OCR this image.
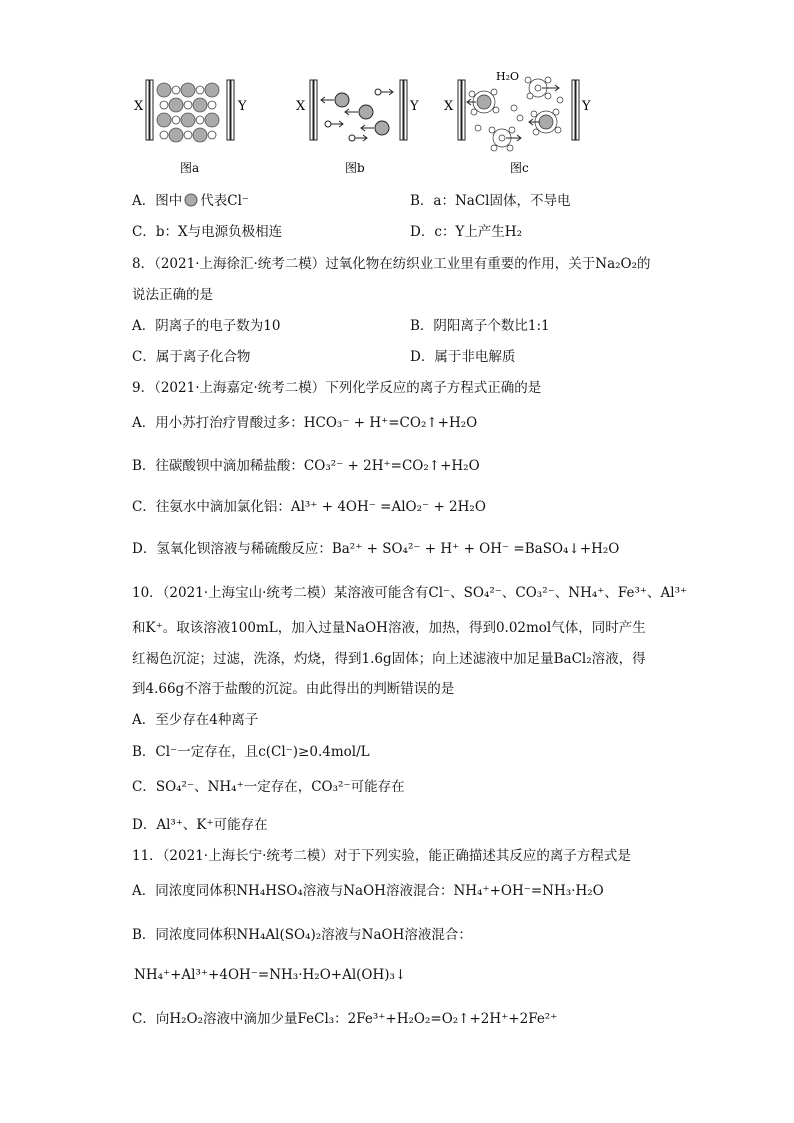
X	Y
图a
X	Y
图b
X	Y
H₂O
图c
A．图中 代表Cl⁻	B．a：NaCl固体，不导电
C．b：X与电源负极相连	D．c：Y上产生H₂
8．（2021·上海徐汇·统考二模）过氧化物在纺织业工业里有重要的作用，关于Na₂O₂的
说法正确的是
A．阴离子的电子数为10	B．阴阳离子个数比1:1
C．属于离子化合物	D．属于非电解质
9．（2021·上海嘉定·统考二模）下列化学反应的离子方程式正确的是
A．用小苏打治疗胃酸过多：HCO₃⁻ + H⁺=CO₂↑+H₂O
B．往碳酸钡中滴加稀盐酸：CO₃²⁻ + 2H⁺=CO₂↑+H₂O
C．往氨水中滴加氯化铝：Al³⁺ + 4OH⁻ =AlO₂⁻ + 2H₂O
D．氢氧化钡溶液与稀硫酸反应：Ba²⁺ + SO₄²⁻ + H⁺ + OH⁻ =BaSO₄↓+H₂O
10．（2021·上海宝山·统考二模）某溶液可能含有Cl⁻、SO₄²⁻、CO₃²⁻、NH₄⁺、Fe³⁺、Al³⁺
和K⁺。取该溶液100mL，加入过量NaOH溶液，加热，得到0.02mol气体，同时产生
红褐色沉淀；过滤，洗涤，灼烧，得到1.6g固体；向上述滤液中加足量BaCl₂溶液，得
到4.66g不溶于盐酸的沉淀。由此得出的判断错误的是
A．至少存在4种离子
B．Cl⁻一定存在，且c(Cl⁻)≥0.4mol/L
C．SO₄²⁻、NH₄⁺一定存在，CO₃²⁻可能存在
D．Al³⁺、K⁺可能存在
11．（2021·上海长宁·统考二模）对于下列实验，能正确描述其反应的离子方程式是
A．同浓度同体积NH₄HSO₄溶液与NaOH溶液混合：NH₄⁺+OH⁻=NH₃·H₂O
B．同浓度同体积NH₄Al(SO₄)₂溶液与NaOH溶液混合：
NH₄⁺+Al³⁺+4OH⁻=NH₃·H₂O+Al(OH)₃↓
C．向H₂O₂溶液中滴加少量FeCl₃：2Fe³⁺+H₂O₂=O₂↑+2H⁺+2Fe²⁺
